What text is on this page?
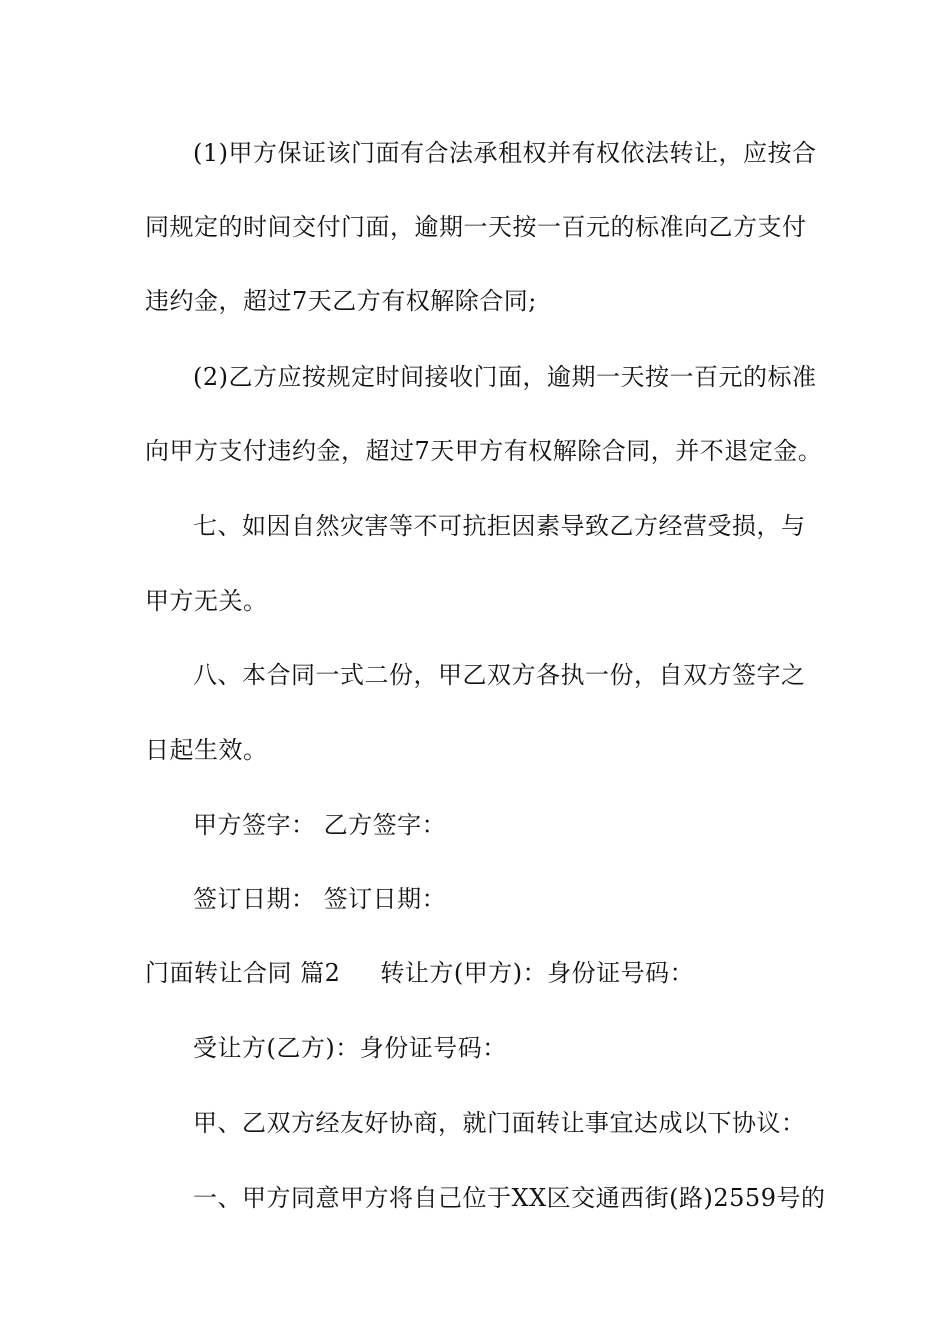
(1)甲方保证该门面有合法承租权并有权依法转让，应按合
同规定的时间交付门面，逾期一天按一百元的标准向乙方支付
违约金，超过7天乙方有权解除合同;
(2)乙方应按规定时间接收门面，逾期一天按一百元的标准
向甲方支付违约金，超过7天甲方有权解除合同，并不退定金。
七、如因自然灾害等不可抗拒因素导致乙方经营受损，与
甲方无关。
八、本合同一式二份，甲乙双方各执一份，自双方签字之
日起生效。
甲方签字： 乙方签字：
签订日期： 签订日期：
门面转让合同 篇2 转让方(甲方)：身份证号码：
受让方(乙方)：身份证号码：
甲、乙双方经友好协商，就门面转让事宜达成以下协议：
一、甲方同意甲方将自己位于XX区交通西街(路)2559号的
